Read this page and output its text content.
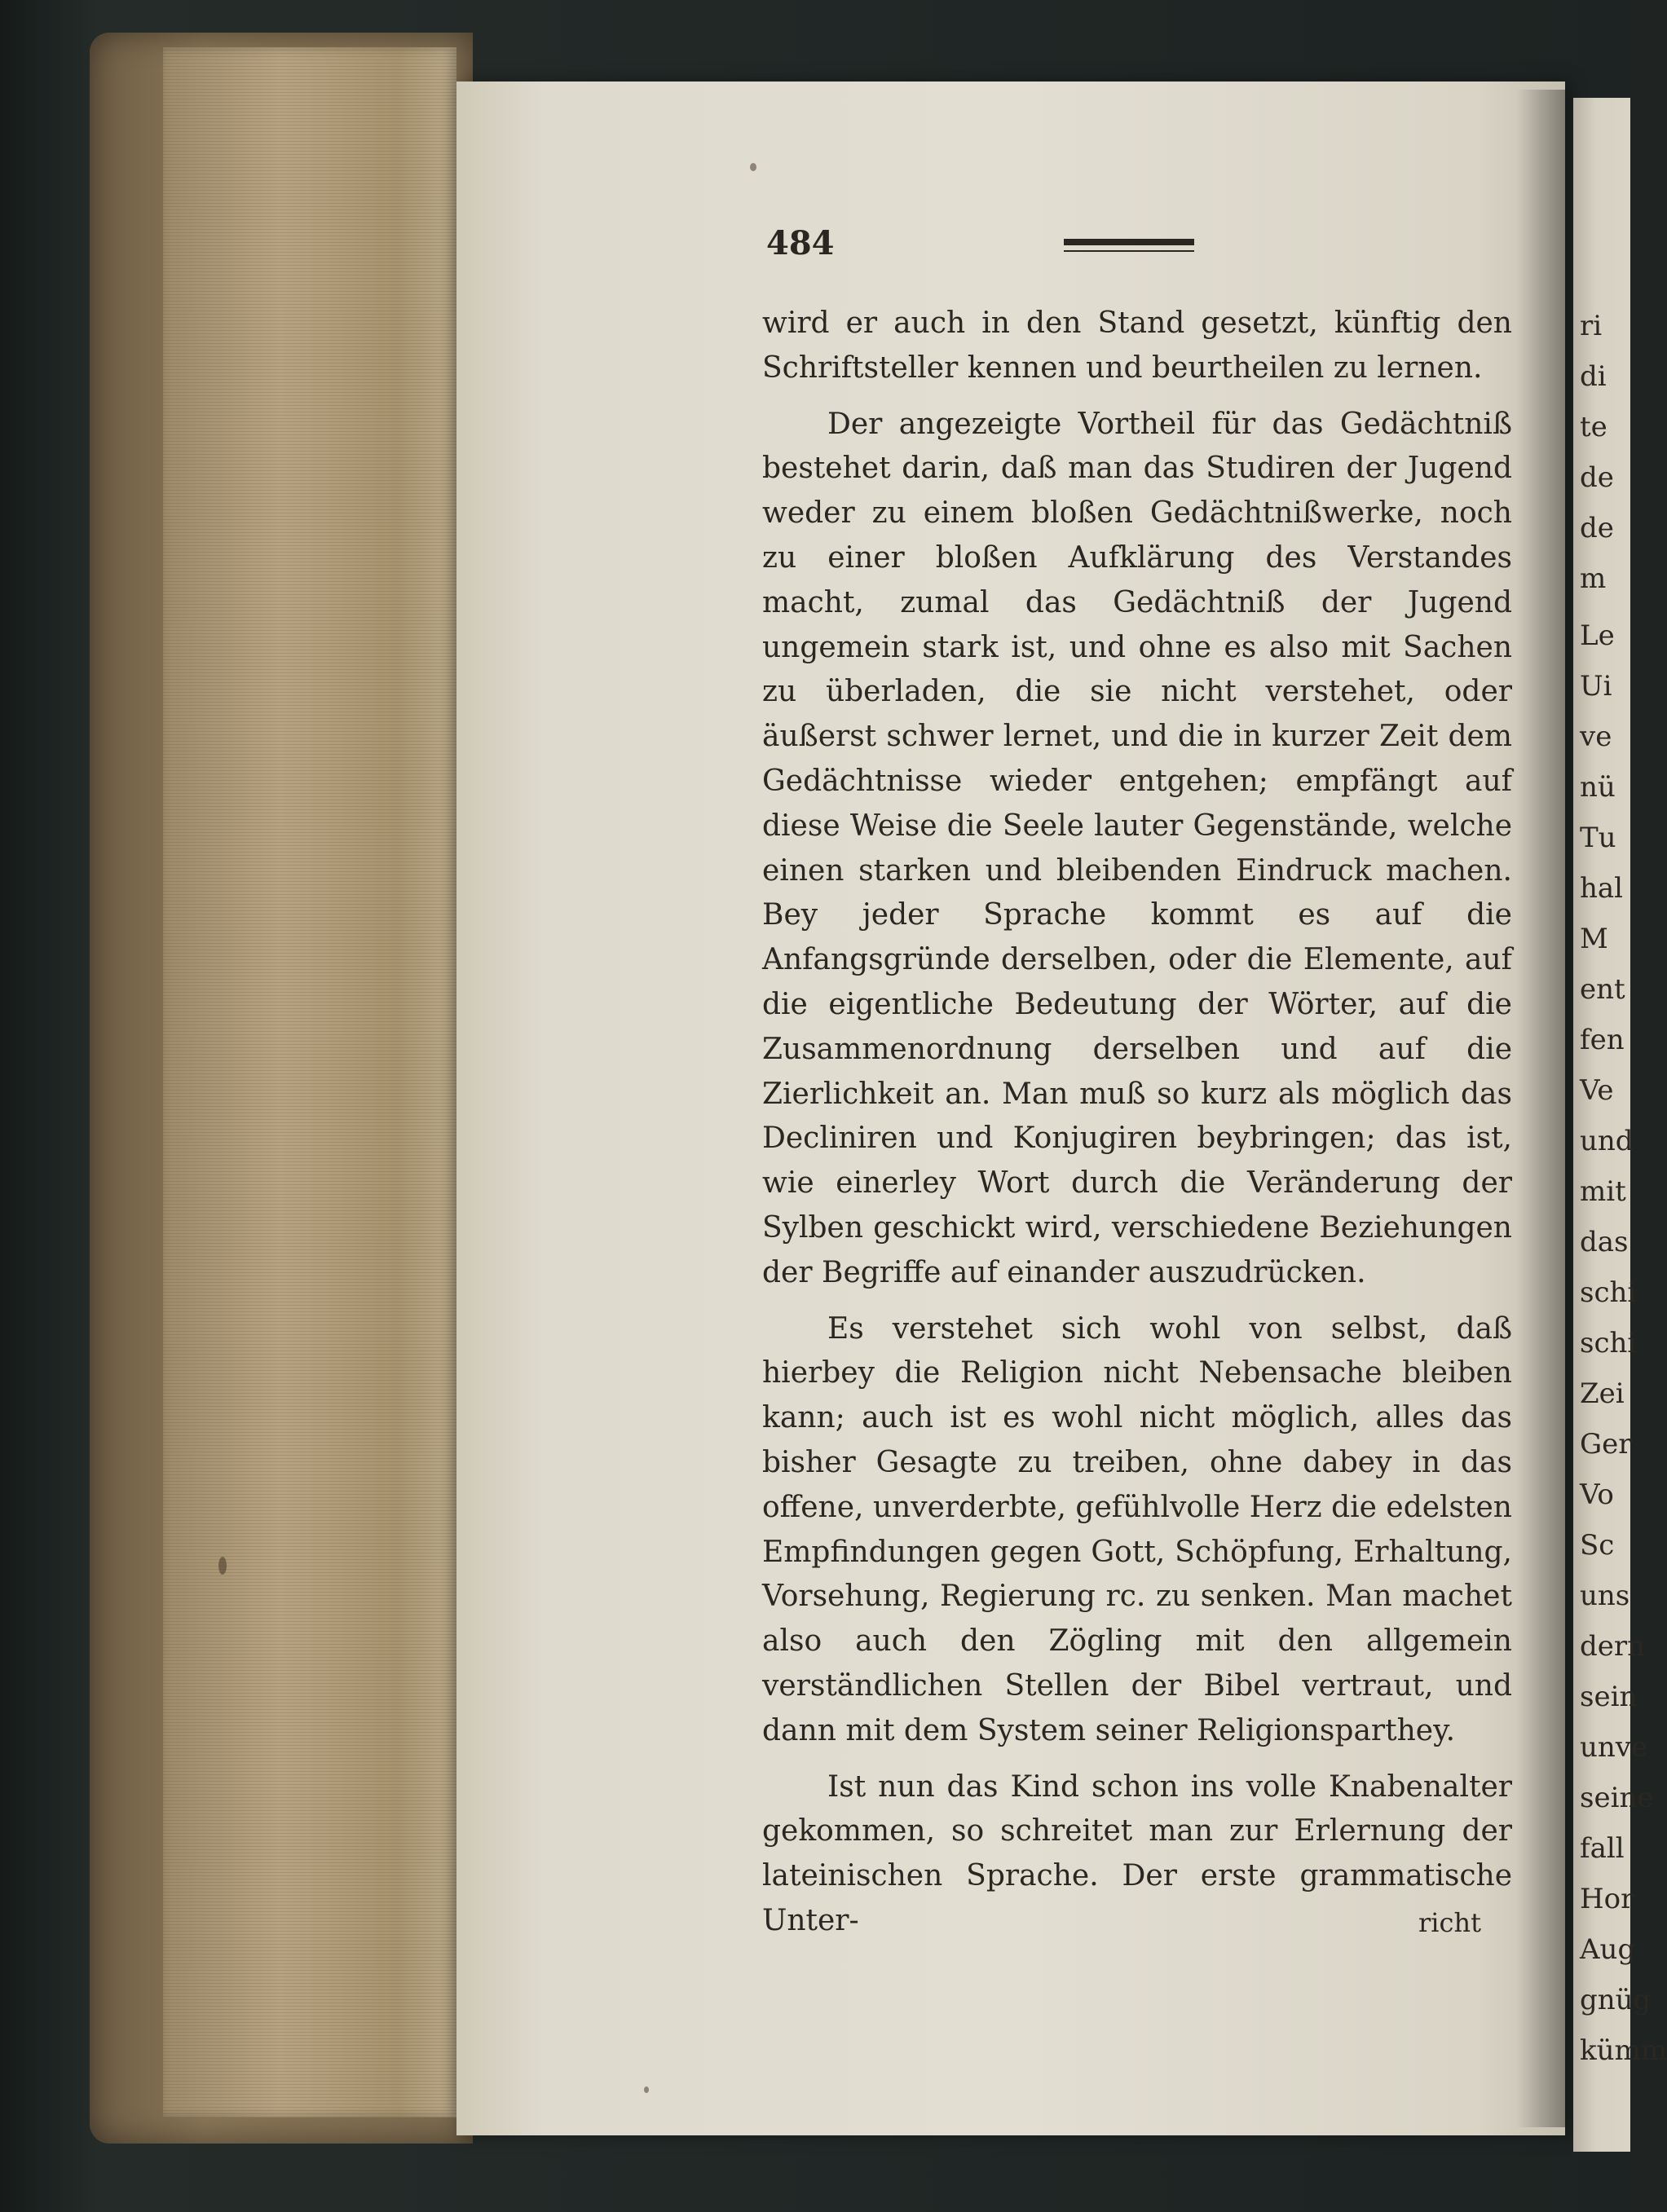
484

wird er auch in den Stand gesetzt, künftig den Schriftsteller kennen und beurtheilen zu lernen.

Der angezeigte Vortheil für das Gedächtniß bestehet darin, daß man das Studiren der Jugend weder zu einem bloßen Gedächtnißwerke, noch zu einer bloßen Aufklärung des Verstandes macht, zumal das Gedächtniß der Jugend ungemein stark ist, und ohne es also mit Sachen zu überladen, die sie nicht verstehet, oder äußerst schwer lernet, und die in kurzer Zeit dem Gedächtnisse wieder entgehen; empfängt auf diese Weise die Seele lauter Gegenstände, welche einen starken und bleibenden Eindruck machen. Bey jeder Sprache kommt es auf die Anfangsgründe derselben, oder die Elemente, auf die eigentliche Bedeutung der Wörter, auf die Zusammenordnung derselben und auf die Zierlichkeit an. Man muß so kurz als möglich das Decliniren und Konjugiren beybringen; das ist, wie einerley Wort durch die Veränderung der Sylben geschickt wird, verschiedene Beziehungen der Begriffe auf einander auszudrücken.

Es verstehet sich wohl von selbst, daß hierbey die Religion nicht Nebensache bleiben kann; auch ist es wohl nicht möglich, alles das bisher Gesagte zu treiben, ohne dabey in das offene, unverderbte, gefühlvolle Herz die edelsten Empfindungen gegen Gott, Schöpfung, Erhaltung, Vorsehung, Regierung rc. zu senken. Man machet also auch den Zögling mit den allgemein verständlichen Stellen der Bibel vertraut, und dann mit dem System seiner Religionsparthey.

Ist nun das Kind schon ins volle Knabenalter gekommen, so schreitet man zur Erlernung der lateinischen Sprache. Der erste grammatische Unter-	richt
ri
di
te
de
de
m
Le
Ui
ve
nü
Tu
hal
M
ent
fen
Ve
und
mit
das
schi
schi
Zei
Ger
Vo
Sc
uns
dern
sein
unve
seine
fall
Hor
Aug
gnüg
kümm
